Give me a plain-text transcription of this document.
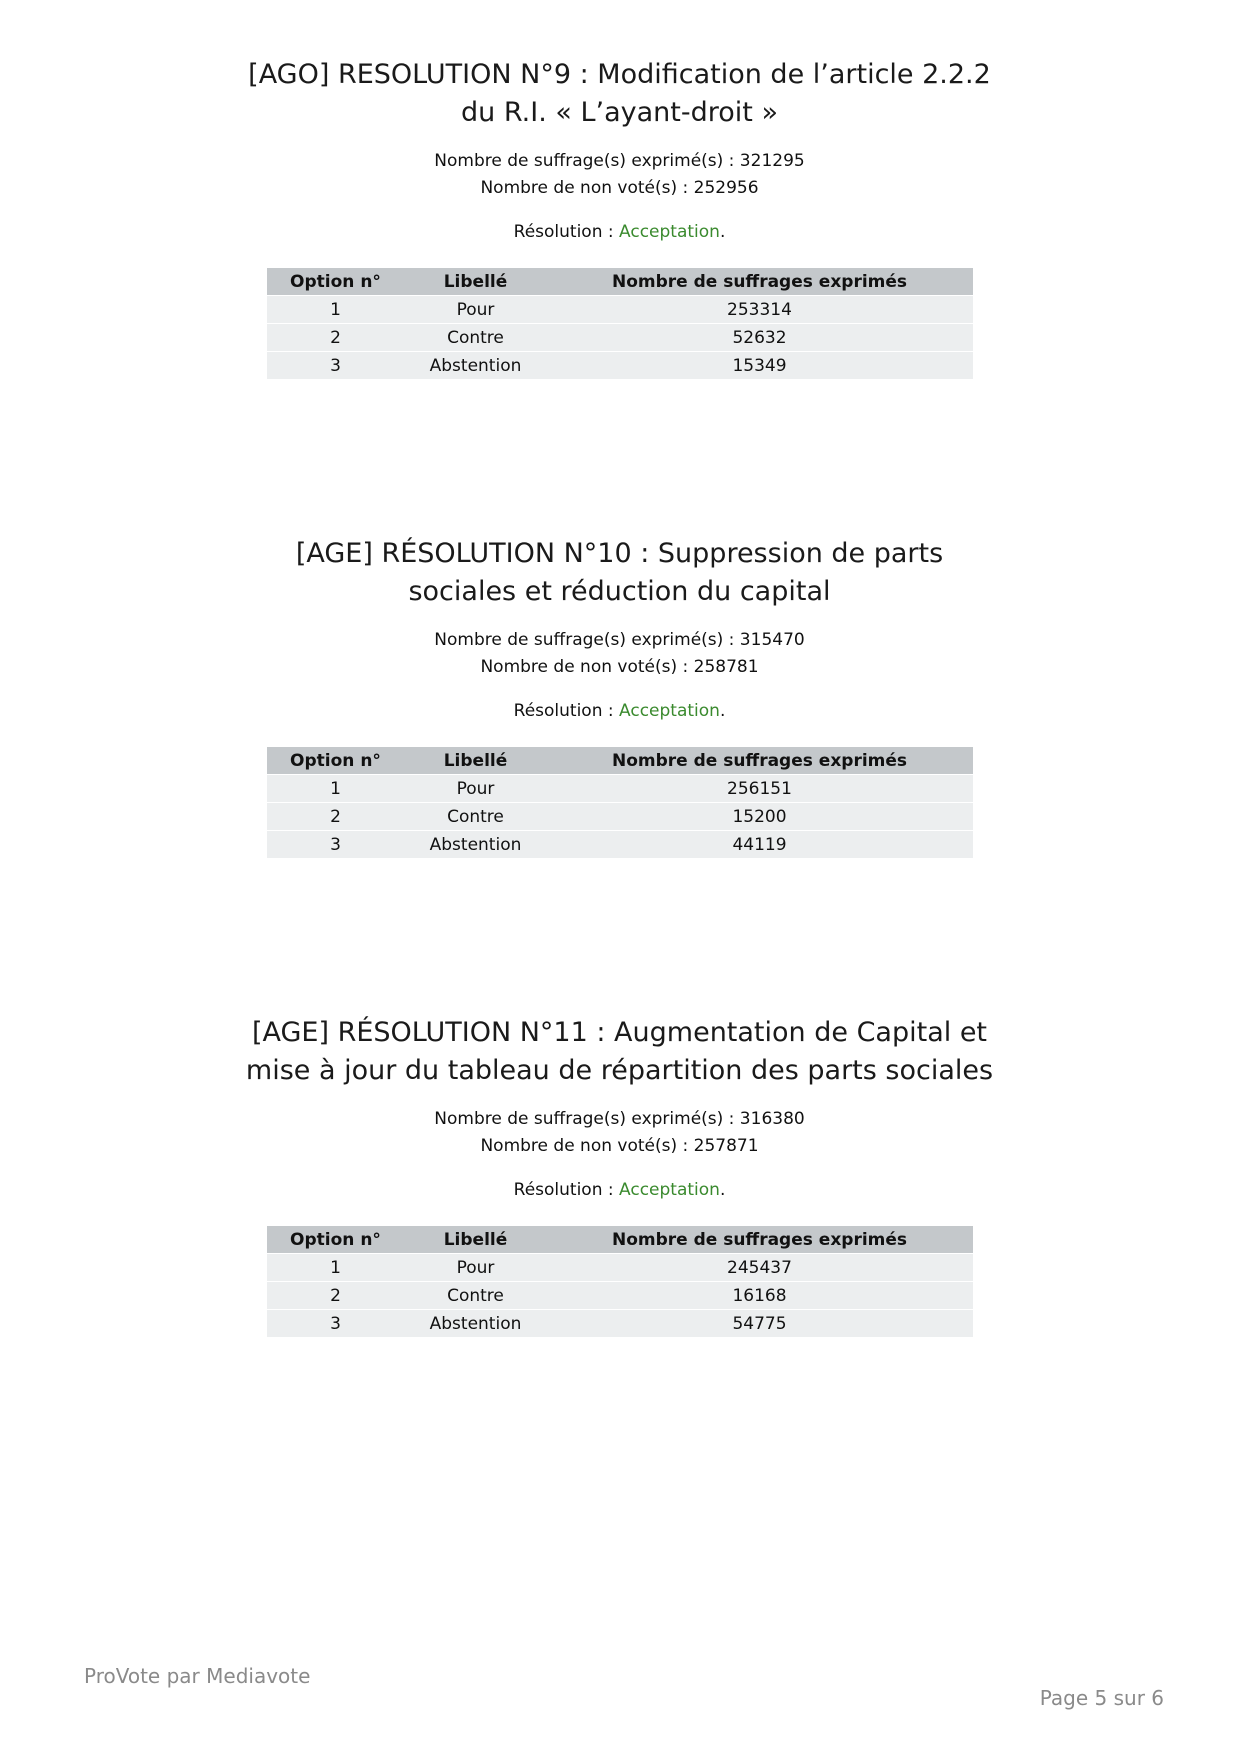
[AGO] RESOLUTION N°9 : Modification de l’article 2.2.2 du R.I. « L’ayant-droit »
Nombre de suffrage(s) exprimé(s) : 321295
Nombre de non voté(s) : 252956
Résolution : Acceptation.
Option n°	Libellé	Nombre de suffrages exprimés
1	Pour	253314
2	Contre	52632
3	Abstention	15349
[AGE] RÉSOLUTION N°10 : Suppression de parts sociales et réduction du capital
Nombre de suffrage(s) exprimé(s) : 315470
Nombre de non voté(s) : 258781
Résolution : Acceptation.
Option n°	Libellé	Nombre de suffrages exprimés
1	Pour	256151
2	Contre	15200
3	Abstention	44119
[AGE] RÉSOLUTION N°11 : Augmentation de Capital et mise à jour du tableau de répartition des parts sociales
Nombre de suffrage(s) exprimé(s) : 316380
Nombre de non voté(s) : 257871
Résolution : Acceptation.
Option n°	Libellé	Nombre de suffrages exprimés
1	Pour	245437
2	Contre	16168
3	Abstention	54775
ProVote par Mediavote
Page 5 sur 6
